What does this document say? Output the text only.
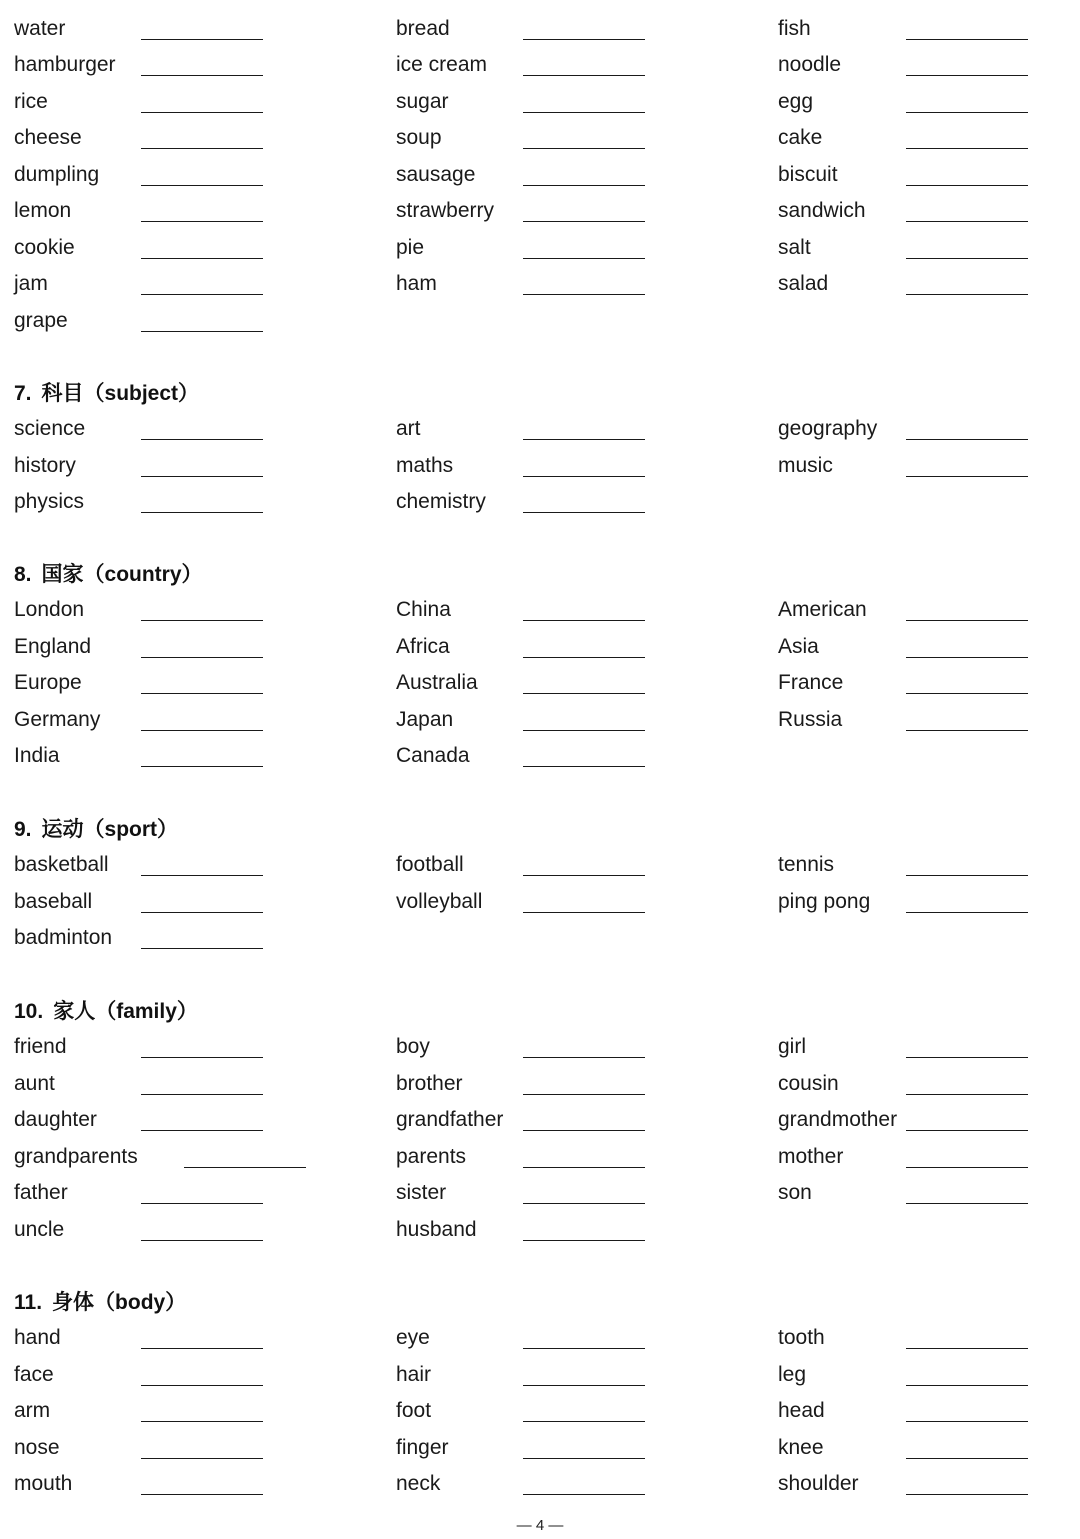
water	bread	fish
hamburger	ice cream	noodle
rice	sugar	egg
cheese	soup	cake
dumpling	sausage	biscuit
lemon	strawberry	sandwich
cookie	pie	salt
jam	ham	salad
grape
7. 科目（subject）
science	art	geography
history	maths	music
physics	chemistry
8. 国家（country）
London	China	American
England	Africa	Asia
Europe	Australia	France
Germany	Japan	Russia
India	Canada
9. 运动（sport）
basketball	football	tennis
baseball	volleyball	ping pong
badminton
10. 家人（family）
friend	boy	girl
aunt	brother	cousin
daughter	grandfather	grandmother
grandparents	parents	mother
father	sister	son
uncle	husband
11. 身体（body）
hand	eye	tooth
face	hair	leg
arm	foot	head
nose	finger	knee
mouth	neck	shoulder
— 4 —
